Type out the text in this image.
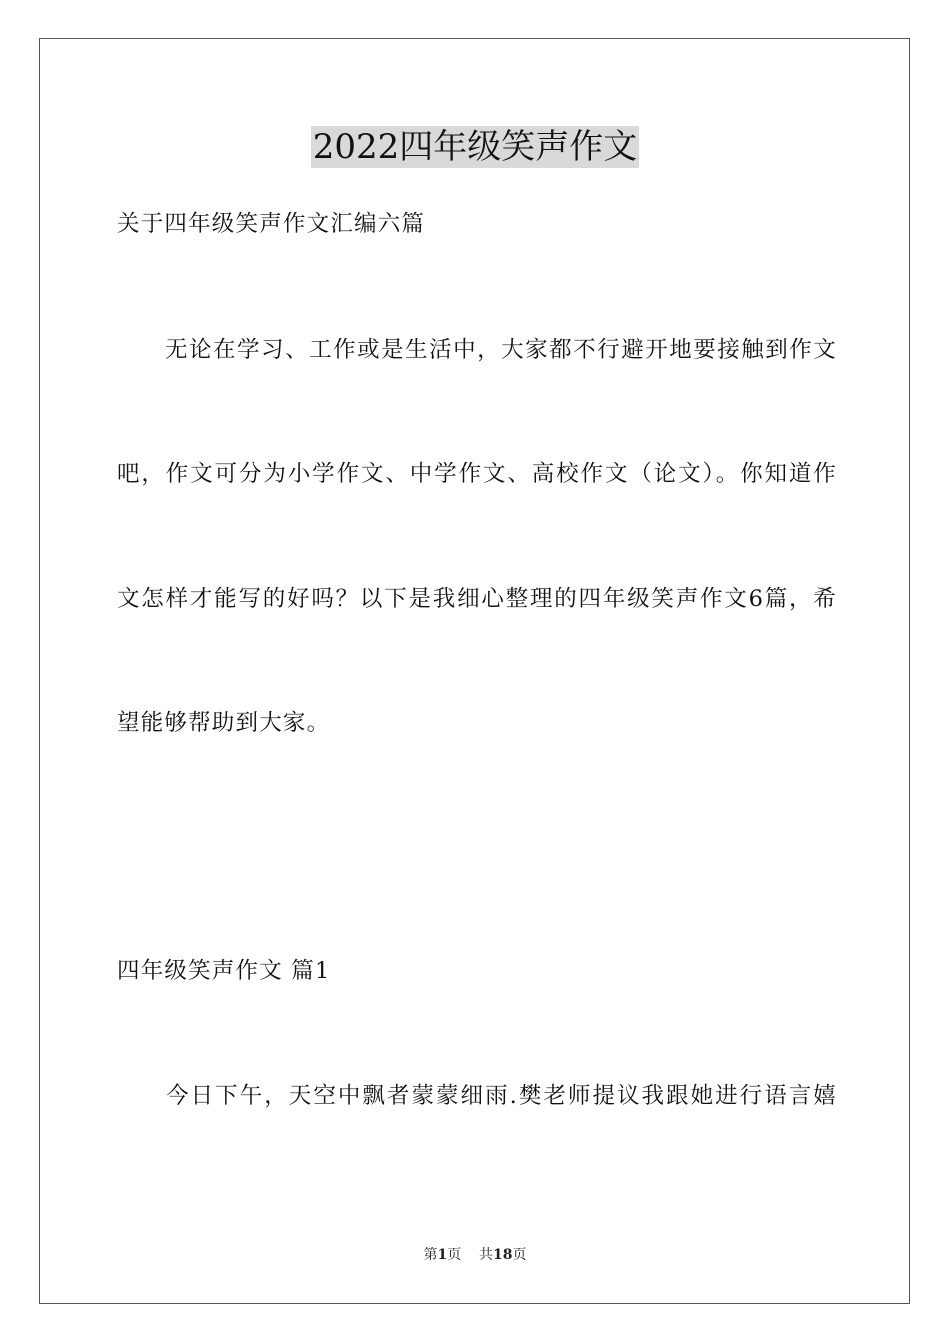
2022四年级笑声作文
关于四年级笑声作文汇编六篇
　　无论在学习、工作或是生活中，大家都不行避开地要接触到作文
吧，作文可分为小学作文、中学作文、高校作文（论文）。你知道作
文怎样才能写的好吗？以下是我细心整理的四年级笑声作文6篇，希
望能够帮助到大家。
四年级笑声作文 篇1
　　今日下午，天空中飘者蒙蒙细雨.樊老师提议我跟她进行语言嬉
第1页 共18页
